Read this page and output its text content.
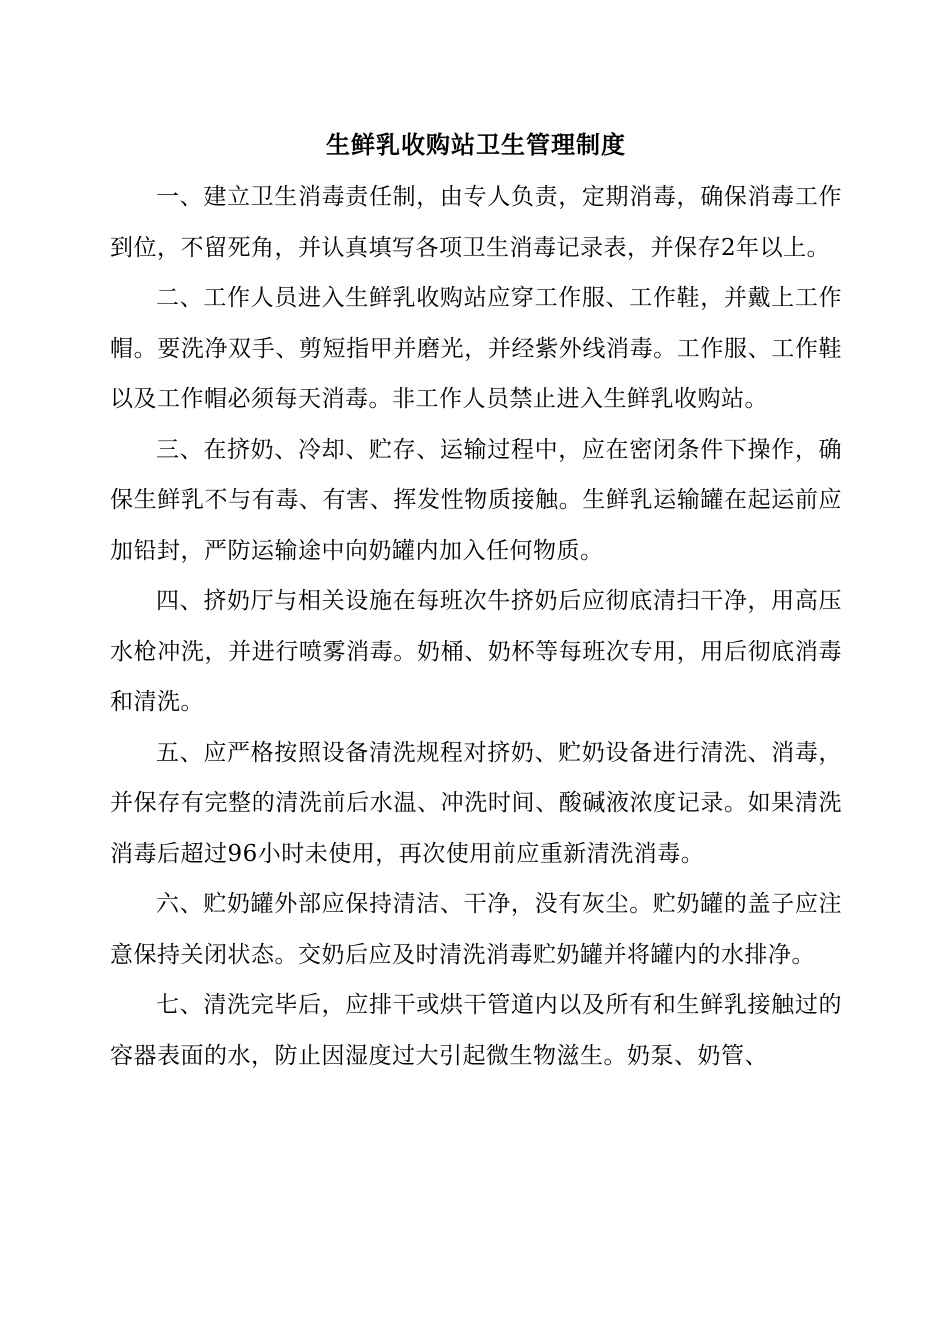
生鲜乳收购站卫生管理制度

一、建立卫生消毒责任制，由专人负责，定期消毒，确保消毒工作到位，不留死角，并认真填写各项卫生消毒记录表，并保存2年以上。

二、工作人员进入生鲜乳收购站应穿工作服、工作鞋，并戴上工作帽。要洗净双手、剪短指甲并磨光，并经紫外线消毒。工作服、工作鞋以及工作帽必须每天消毒。非工作人员禁止进入生鲜乳收购站。

三、在挤奶、冷却、贮存、运输过程中，应在密闭条件下操作，确保生鲜乳不与有毒、有害、挥发性物质接触。生鲜乳运输罐在起运前应加铅封，严防运输途中向奶罐内加入任何物质。

四、挤奶厅与相关设施在每班次牛挤奶后应彻底清扫干净，用高压水枪冲洗，并进行喷雾消毒。奶桶、奶杯等每班次专用，用后彻底消毒和清洗。

五、应严格按照设备清洗规程对挤奶、贮奶设备进行清洗、消毒，并保存有完整的清洗前后水温、冲洗时间、酸碱液浓度记录。如果清洗消毒后超过96小时未使用，再次使用前应重新清洗消毒。

六、贮奶罐外部应保持清洁、干净，没有灰尘。贮奶罐的盖子应注意保持关闭状态。交奶后应及时清洗消毒贮奶罐并将罐内的水排净。

七、清洗完毕后，应排干或烘干管道内以及所有和生鲜乳接触过的容器表面的水，防止因湿度过大引起微生物滋生。奶泵、奶管、
